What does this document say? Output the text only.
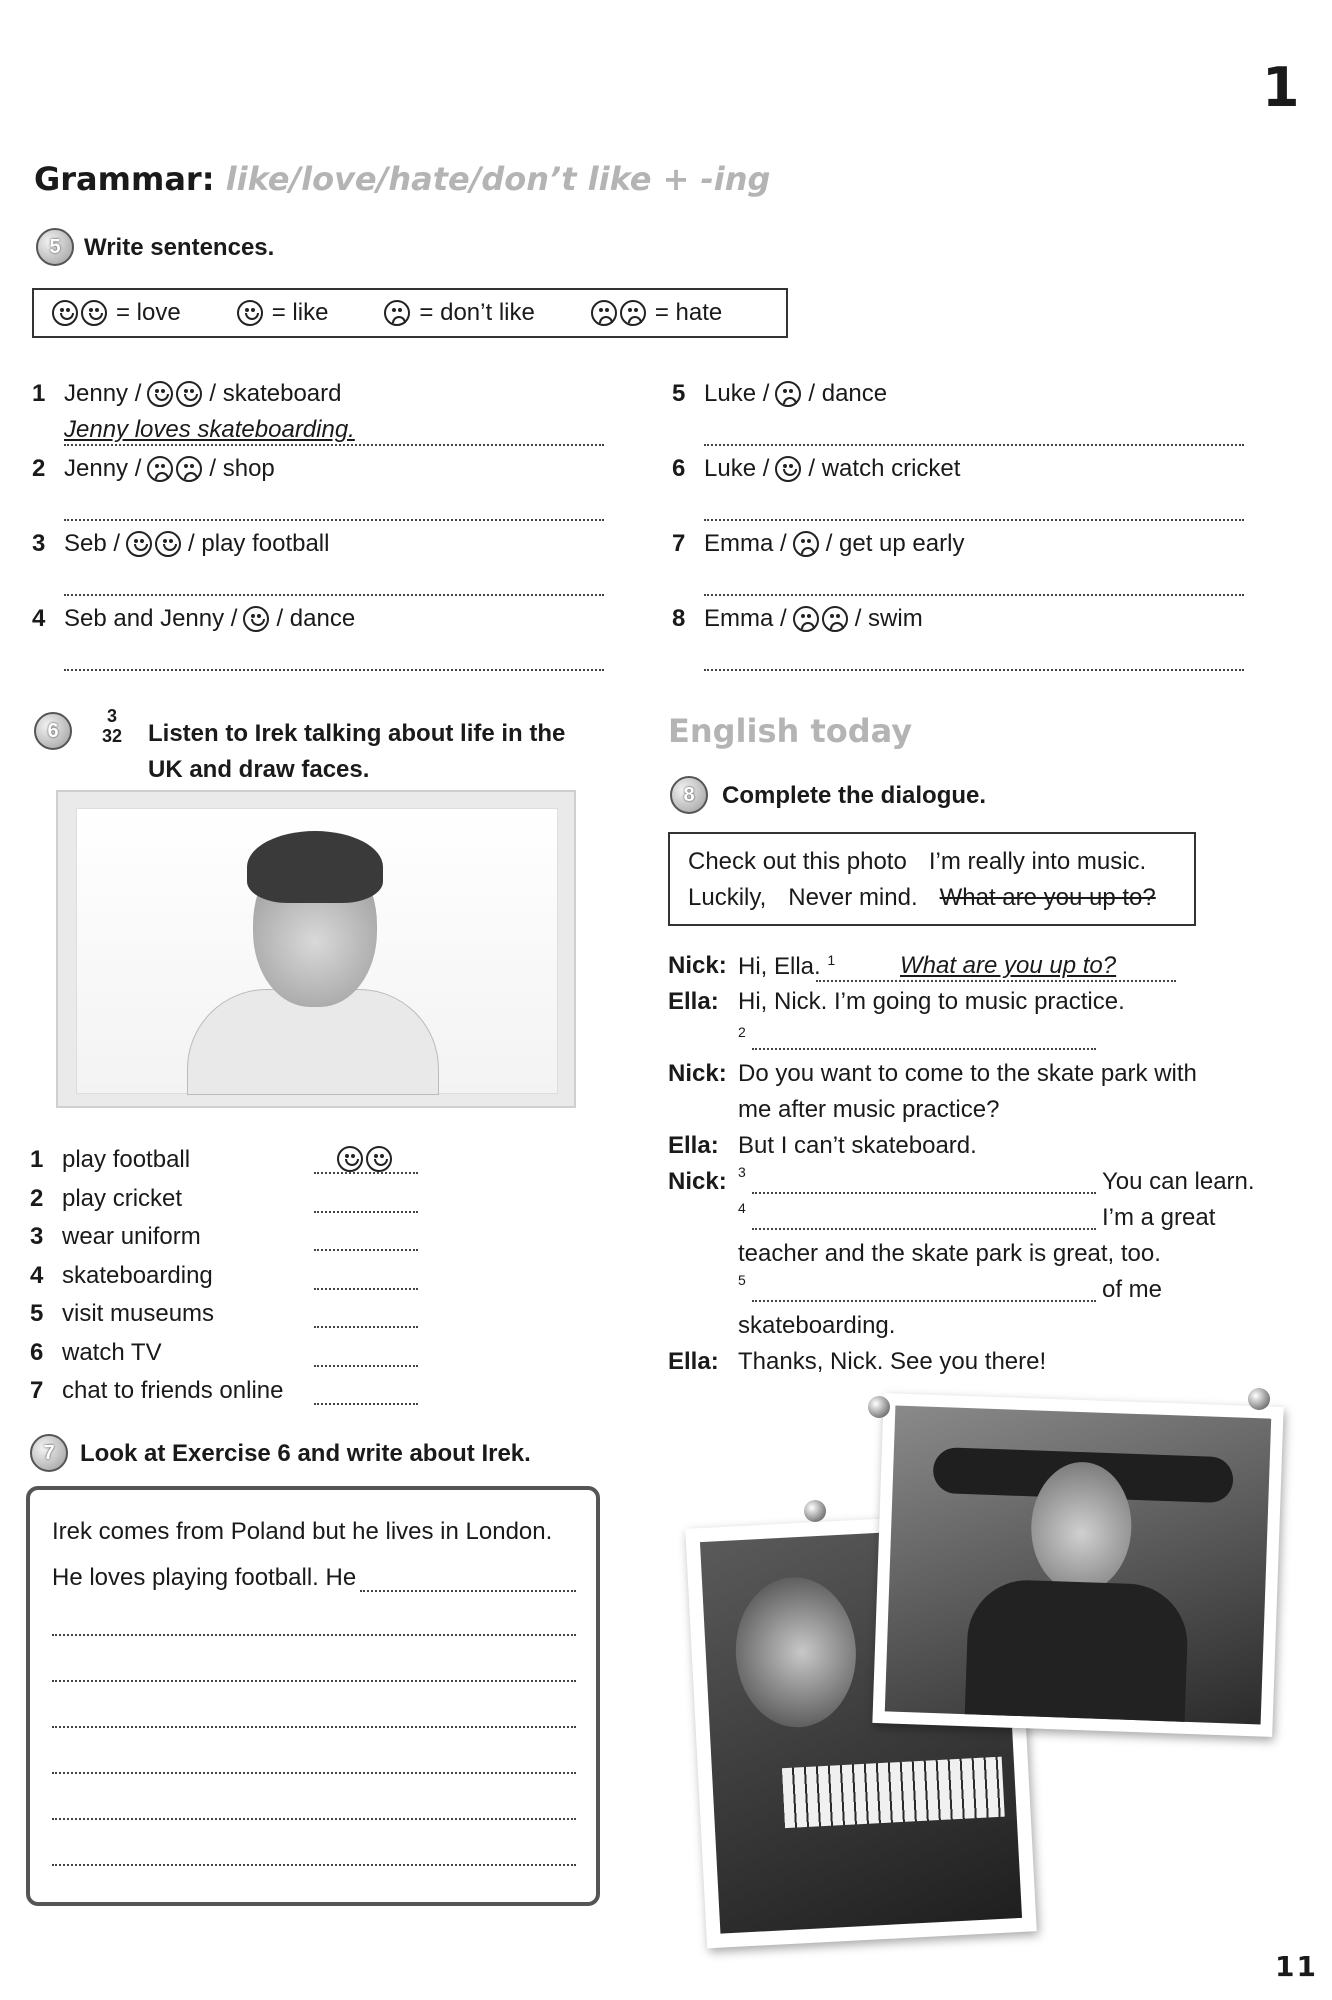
1
11
Grammar: like/love/hate/don’t like + -ing
5 Write sentences.
= love	= like	= don’t like	= hate
1 Jenny /	/ skateboard
Jenny loves skateboarding.
2 Jenny /	/ shop
3 Seb /	/ play football
4 Seb and Jenny / / dance
5 Luke / / dance
6 Luke / / watch cricket
7 Emma / / get up early
8 Emma /	/ swim
6
3
32	Listen to Irek talking about life in the
UK and draw faces.
1 play football
2 play cricket
3 wear uniform
4 skateboarding
5 visit museums
6 watch TV
7 chat to friends online
7	Look at Exercise 6 and write about Irek.
Irek comes from Poland but he lives in London.
He loves playing football. He
English today
8	Complete the dialogue.
Check out this photo I’m really into music.
Luckily, Never mind. What are you up to?
Nick: Hi, Ella. $^1$	What are you up to?
Ella: Hi, Nick. I’m going to music practice.
2
Nick: Do you want to come to the skate park with
me after music practice?
Ella: But I can’t skateboard.
Nick: 3	You can learn.
4	I’m a great
teacher and the skate park is great, too.
5	of me
skateboarding.
Ella: Thanks, Nick. See you there!
